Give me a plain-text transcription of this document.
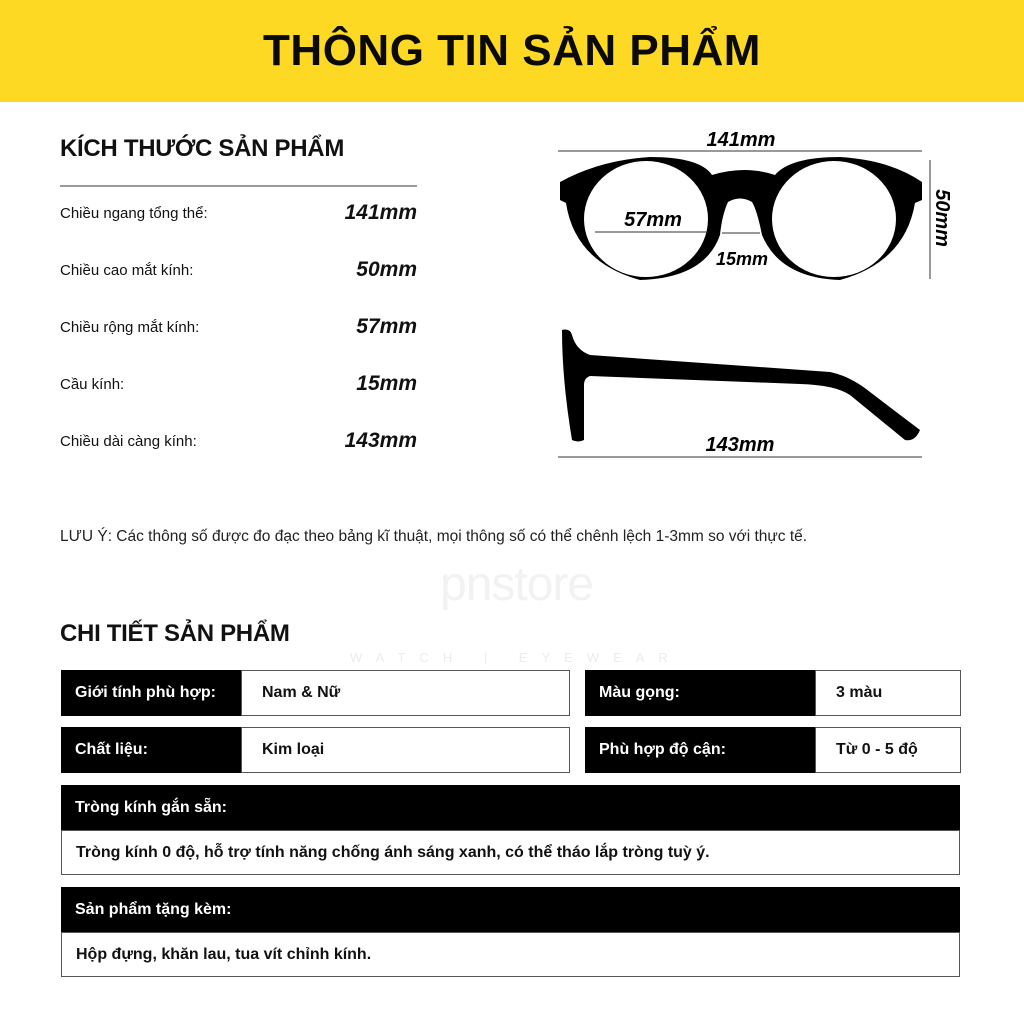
THÔNG TIN SẢN PHẨM
pnstore
WATCH | EYEWEAR
KÍCH THƯỚC SẢN PHẨM
Chiều ngang tổng thể:	141mm
Chiều cao mắt kính:	50mm
Chiều rộng mắt kính:	57mm
Cầu kính:	15mm
Chiều dài càng kính:	143mm
141mm
57mm
15mm
50mm
143mm
LƯU Ý: Các thông số được đo đạc theo bảng kĩ thuật, mọi thông số có thể chênh lệch 1-3mm so với thực tế.
CHI TIẾT SẢN PHẨM
Giới tính phù hợp:	Nam & Nữ	Màu gọng:	3 màu
Chất liệu:	Kim loại	Phù hợp độ cận:	Từ 0 - 5 độ
Tròng kính gắn sẵn:
Tròng kính 0 độ, hỗ trợ tính năng chống ánh sáng xanh, có thể tháo lắp tròng tuỳ ý.
Sản phẩm tặng kèm:
Hộp đựng, khăn lau, tua vít chỉnh kính.
